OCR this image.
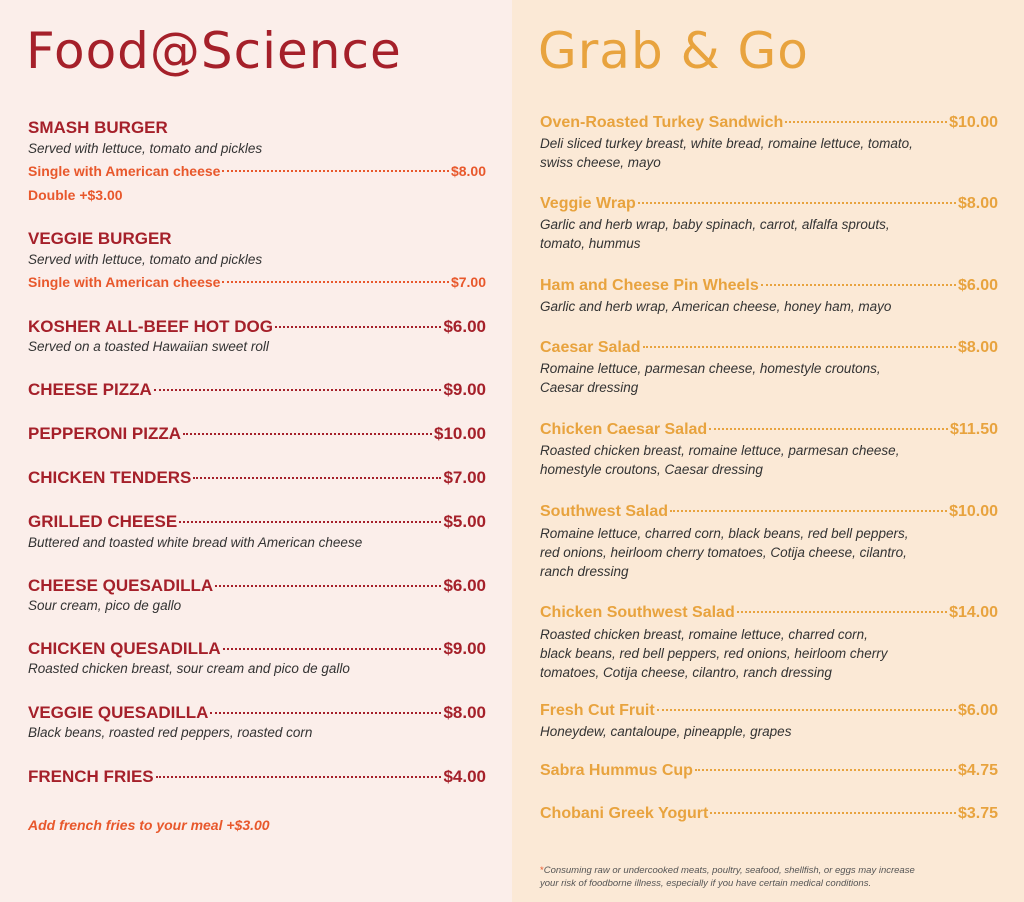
Food@Science	Grab & Go
SMASH BURGER
Served with lettuce, tomato and pickles
Single with American cheese	$8.00
Double +$3.00
VEGGIE BURGER
Served with lettuce, tomato and pickles
Single with American cheese	$7.00
KOSHER ALL-BEEF HOT DOG	$6.00
Served on a toasted Hawaiian sweet roll
CHEESE PIZZA	$9.00
PEPPERONI PIZZA	$10.00
CHICKEN TENDERS	$7.00
GRILLED CHEESE	$5.00
Buttered and toasted white bread with American cheese
CHEESE QUESADILLA	$6.00
Sour cream, pico de gallo
CHICKEN QUESADILLA	$9.00
Roasted chicken breast, sour cream and pico de gallo
VEGGIE QUESADILLA	$8.00
Black beans, roasted red peppers, roasted corn
FRENCH FRIES	$4.00
Add french fries to your meal +$3.00
Oven-Roasted Turkey Sandwich	$10.00
Deli sliced turkey breast, white bread, romaine lettuce, tomato,
swiss cheese, mayo
Veggie Wrap	$8.00
Garlic and herb wrap, baby spinach, carrot, alfalfa sprouts,
tomato, hummus
Ham and Cheese Pin Wheels	$6.00
Garlic and herb wrap, American cheese, honey ham, mayo
Caesar Salad	$8.00
Romaine lettuce, parmesan cheese, homestyle croutons,
Caesar dressing
Chicken Caesar Salad	$11.50
Roasted chicken breast, romaine lettuce, parmesan cheese,
homestyle croutons, Caesar dressing
Southwest Salad	$10.00
Romaine lettuce, charred corn, black beans, red bell peppers,
red onions, heirloom cherry tomatoes, Cotija cheese, cilantro,
ranch dressing
Chicken Southwest Salad	$14.00
Roasted chicken breast, romaine lettuce, charred corn,
black beans, red bell peppers, red onions, heirloom cherry
tomatoes, Cotija cheese, cilantro, ranch dressing
Fresh Cut Fruit	$6.00
Honeydew, cantaloupe, pineapple, grapes
Sabra Hummus Cup	$4.75
Chobani Greek Yogurt	$3.75
*Consuming raw or undercooked meats, poultry, seafood, shellfish, or eggs may increase
your risk of foodborne illness, especially if you have certain medical conditions.
